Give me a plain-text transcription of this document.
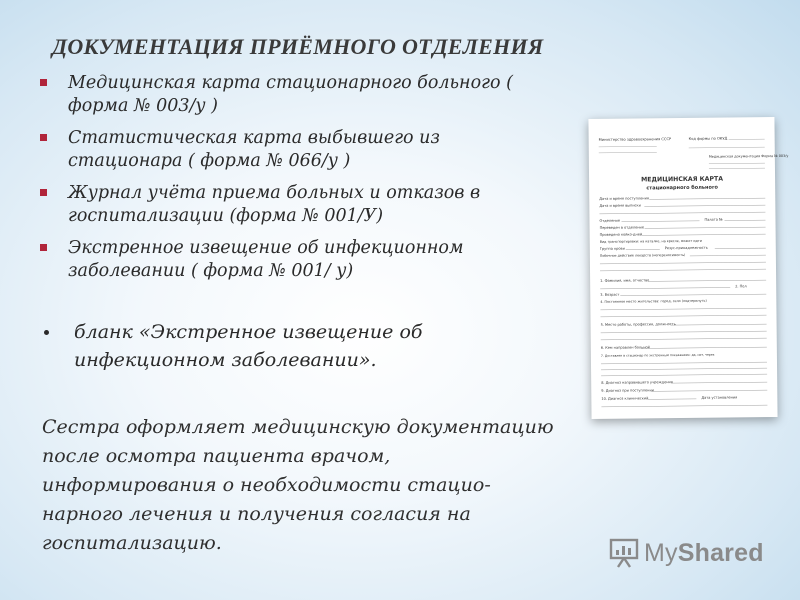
ДОКУМЕНТАЦИЯ ПРИЁМНОГО ОТДЕЛЕНИЯ
Медицинская карта стационарного больного (
форма № 003/у )
Статистическая карта выбывшего из
стационара ( форма № 066/у )
Журнал учёта приема больных и отказов в
госпитализации (форма № 001/У)
Экстренное извещение об инфекционном
заболевании ( форма № 001/ у)
бланк «Экстренное извещение об
инфекционном заболевании».
Сестра оформляет медицинскую документацию
после осмотра пациента врачом,
информирования о необходимости стацио-
нарного лечения и получения согласия на
госпитализацию.
Министерство здравоохранения СССР	Код формы по ОКУД
Медицинская документация Форма № 003/у
МЕДИЦИНСКАЯ КАРТА
стационарного больного
Дата и время поступления
Дата и время выписки
Отделение	Палата №
Переведен в отделение
Проведено койко-дней
Вид транспортировки: на каталке, на кресле, может идти
Группа крови	Резус-принадлежность
Побочное действие лекарств (непереносимость)
1. Фамилия, имя, отчество
2. Пол
3. Возраст
4. Постоянное место жительства: город, село (подчеркнуть)
5. Место работы, профессия, должность
6. Кем направлен больной
7. Доставлен в стационар по экстренным показаниям: да, нет, через
8. Диагноз направившего учреждения
9. Диагноз при поступлении
10. Диагноз клинический	Дата установления
MyShared
